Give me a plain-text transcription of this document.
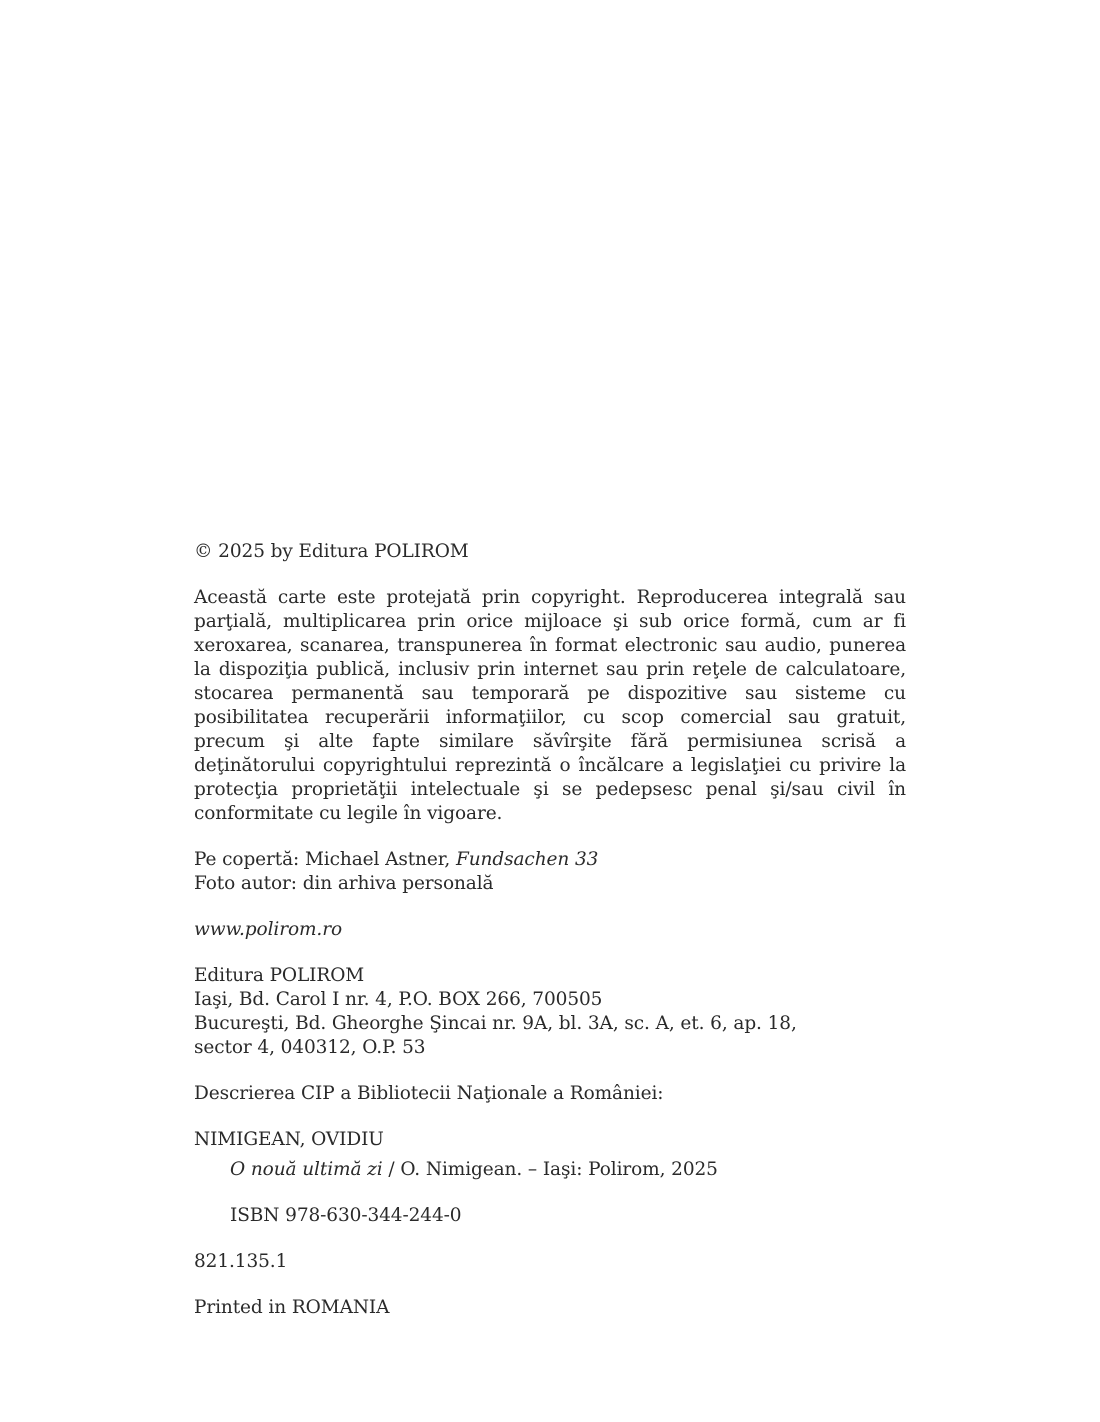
© 2025 by Editura POLIROM

Această carte este protejată prin copyright. Reproducerea integrală sau parţială, multiplicarea prin orice mijloace şi sub orice formă, cum ar fi xeroxarea, scanarea, transpunerea în format electronic sau audio, punerea la dispoziţia publică, inclusiv prin internet sau prin reţele de calculatoare, stocarea permanentă sau temporară pe dispozitive sau sisteme cu posibilitatea recuperării informaţiilor, cu scop comercial sau gratuit, precum şi alte fapte similare săvîrşite fără permisiunea scrisă a deţinătorului copyrightului reprezintă o încălcare a legislaţiei cu privire la protecţia proprietăţii intelectuale şi se pedepsesc penal şi/sau civil în conformitate cu legile în vigoare.

Pe copertă: Michael Astner, Fundsachen 33
Foto autor: din arhiva personală

www.polirom.ro

Editura POLIROM
Iaşi, Bd. Carol I nr. 4, P.O. BOX 266, 700505
Bucureşti, Bd. Gheorghe Şincai nr. 9A, bl. 3A, sc. A, et. 6, ap. 18,
sector 4, 040312, O.P. 53

Descrierea CIP a Bibliotecii Naţionale a României:

NIMIGEAN, OVIDIU

O nouă ultimă zi / O. Nimigean. – Iaşi: Polirom, 2025

ISBN 978-630-344-244-0

821.135.1

Printed in ROMANIA
